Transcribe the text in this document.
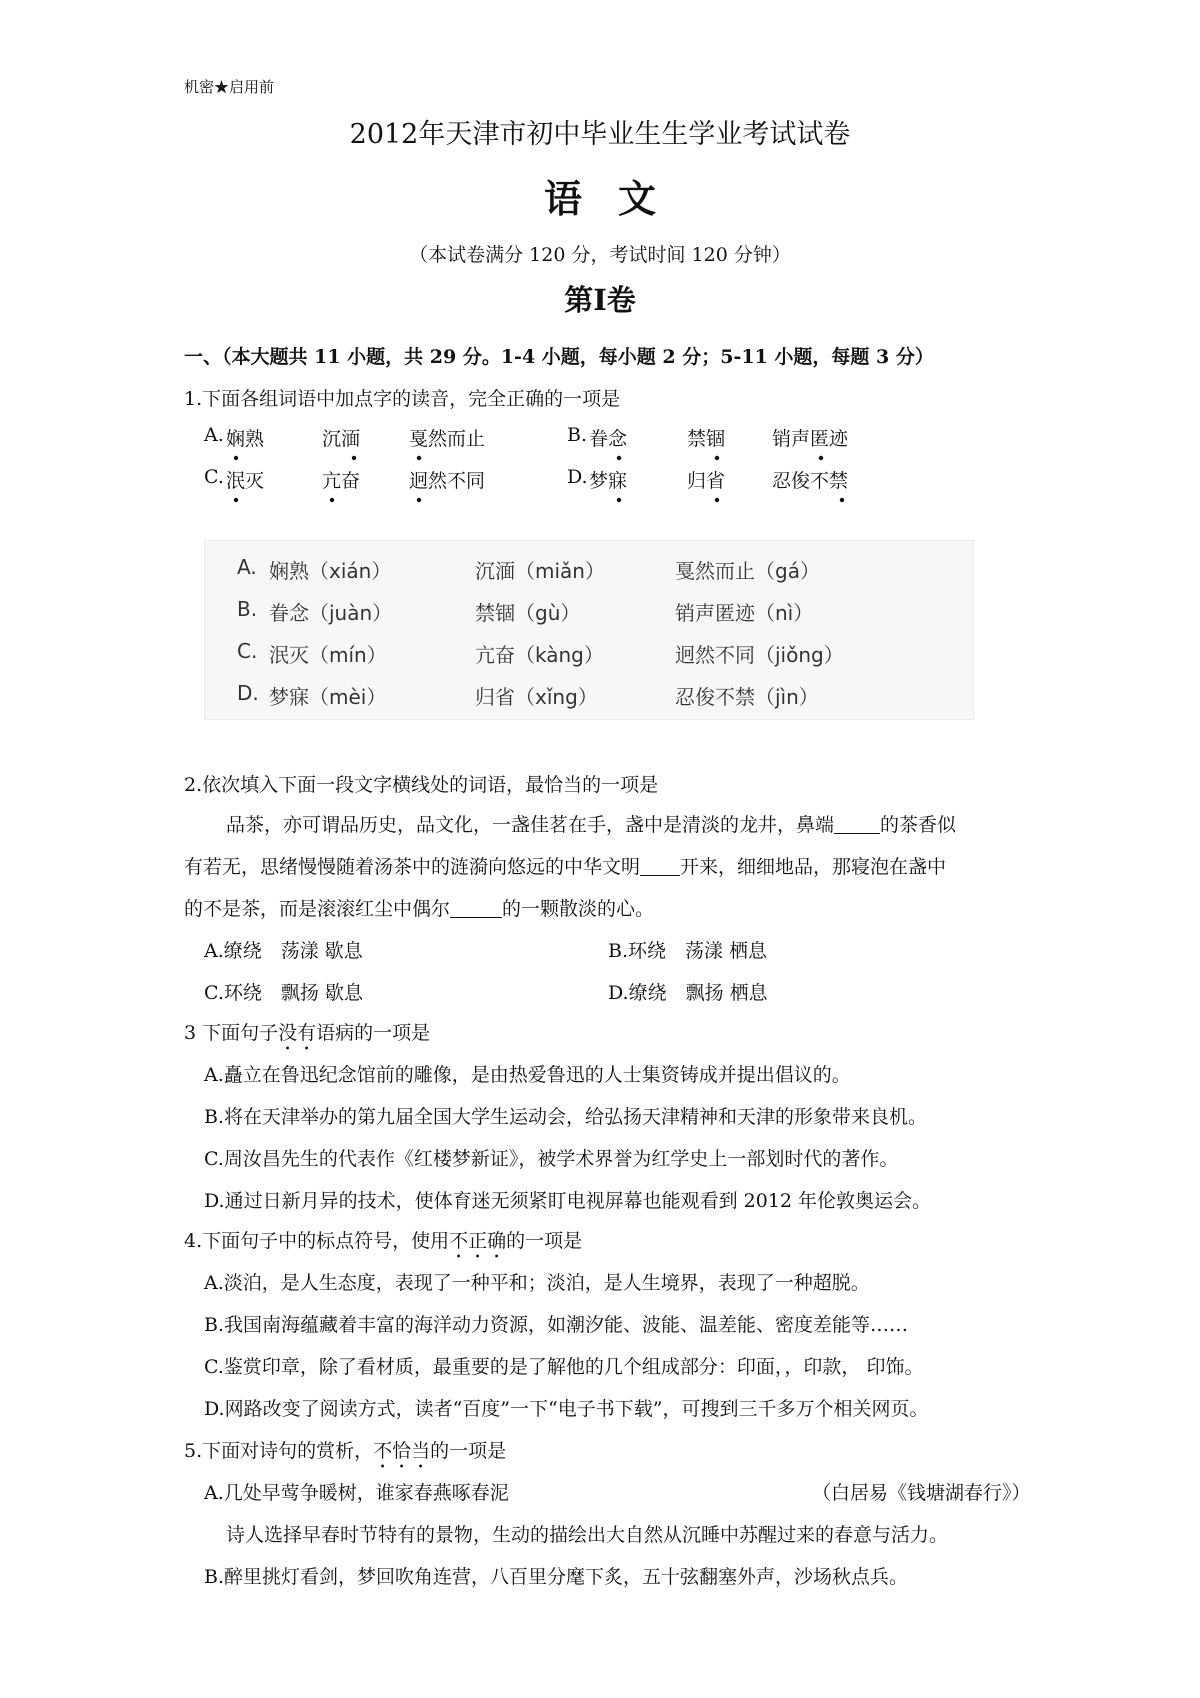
机密★启用前
2012年天津市初中毕业生生学业考试试卷
语文
（本试卷满分 120 分，考试时间 120 分钟）
第Ⅰ卷
一、（本大题共 11 小题，共 29 分。1-4 小题，每小题 2 分；5-11 小题，每题 3 分）
1.下面各组词语中加点字的读音，完全正确的一项是
A. 娴熟	沉湎	戛然而止	B. 眷念	禁锢 销声匿迹
C. 泯灭	亢奋	迥然不同	D. 梦寐	归省 忍俊不禁
A. 娴熟（xián）	沉湎（miǎn）	戛然而止（gá）
B. 眷念（juàn）	禁锢（gù）	销声匿迹（nì）
C. 泯灭（mín）	亢奋（kàng）	迥然不同（jiǒng）
D. 梦寐（mèi）	归省（xǐng）	忍俊不禁（jìn）
2.依次填入下面一段文字横线处的词语，最恰当的一项是
品茶，亦可谓品历史，品文化，一盏佳茗在手，盏中是清淡的龙井，鼻端 的茶香似
有若无，思绪慢慢随着汤茶中的涟漪向悠远的中华文明 开来，细细地品，那寝泡在盏中
的不是茶，而是滚滚红尘中偶尔	的一颗散淡的心。
A.缭绕　荡漾 歇息	B.环绕　荡漾 栖息
C.环绕　飘扬 歇息	D.缭绕　飘扬 栖息
3 下面句子没有语病的一项是
A.矗立在鲁迅纪念馆前的雕像，是由热爱鲁迅的人士集资铸成并提出倡议的。
B.将在天津举办的第九届全国大学生运动会，给弘扬天津精神和天津的形象带来良机。
C.周汝昌先生的代表作《红楼梦新证》，被学术界誉为红学史上一部划时代的著作。
D.通过日新月异的技术，使体育迷无须紧盯电视屏幕也能观看到 2012 年伦敦奥运会。
4.下面句子中的标点符号，使用不正确的一项是
A.淡泊，是人生态度，表现了一种平和；淡泊，是人生境界，表现了一种超脱。
B.我国南海蕴藏着丰富的海洋动力资源，如潮汐能、波能、温差能、密度差能等……
C.鉴赏印章，除了看材质，最重要的是了解他的几个组成部分：印面，，印款， 印饰。
D.网路改变了阅读方式，读者“百度”一下“电子书下载”，可搜到三千多万个相关网页。
5.下面对诗句的赏析，不恰当的一项是
A.几处早莺争暖树，谁家春燕啄春泥	（白居易《钱塘湖春行》）
诗人选择早春时节特有的景物，生动的描绘出大自然从沉睡中苏醒过来的春意与活力。
B.醉里挑灯看剑，梦回吹角连营，八百里分麾下炙，五十弦翻塞外声，沙场秋点兵。
